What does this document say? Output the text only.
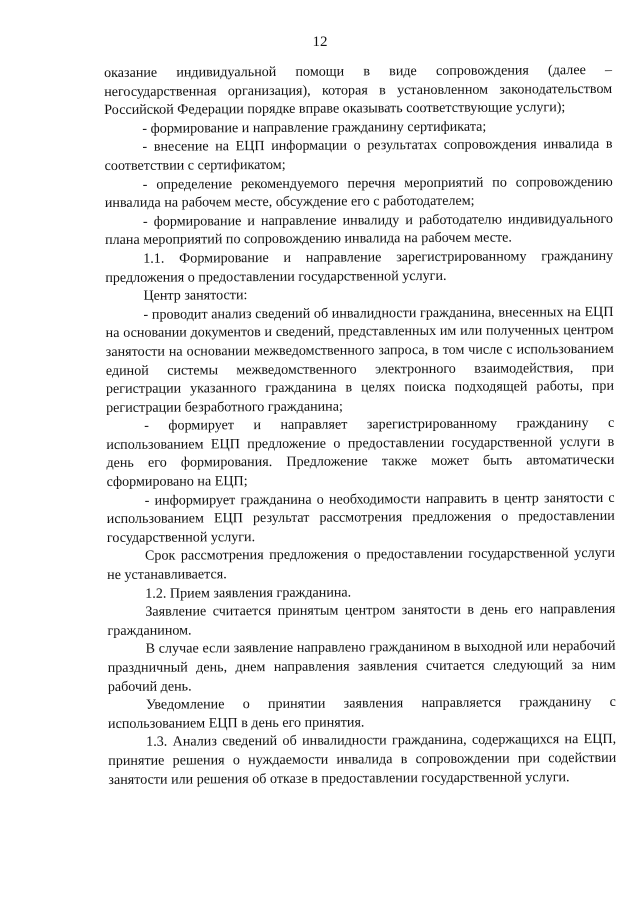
12

оказание индивидуальной помощи в виде сопровождения (далее – негосударственная организация), которая в установленном законодательством Российской Федерации порядке вправе оказывать соответствующие услуги);

- формирование и направление гражданину сертификата;

- внесение на ЕЦП информации о результатах сопровождения инвалида в соответствии с сертификатом;

- определение рекомендуемого перечня мероприятий по сопровождению инвалида на рабочем месте, обсуждение его с работодателем;

- формирование и направление инвалиду и работодателю индивидуального плана мероприятий по сопровождению инвалида на рабочем месте.

1.1. Формирование и направление зарегистрированному гражданину предложения о предоставлении государственной услуги.

Центр занятости:

- проводит анализ сведений об инвалидности гражданина, внесенных на ЕЦП на основании документов и сведений, представленных им или полученных центром занятости на основании межведомственного запроса, в том числе с использованием единой системы межведомственного электронного взаимодействия, при регистрации указанного гражданина в целях поиска подходящей работы, при регистрации безработного гражданина;

- формирует и направляет зарегистрированному гражданину с использованием ЕЦП предложение о предоставлении государственной услуги в день его формирования. Предложение также может быть автоматически сформировано на ЕЦП;

- информирует гражданина о необходимости направить в центр занятости с использованием ЕЦП результат рассмотрения предложения о предоставлении государственной услуги.

Срок рассмотрения предложения о предоставлении государственной услуги не устанавливается.

1.2. Прием заявления гражданина.

Заявление считается принятым центром занятости в день его направления гражданином.

В случае если заявление направлено гражданином в выходной или нерабочий праздничный день, днем направления заявления считается следующий за ним рабочий день.

Уведомление о принятии заявления направляется гражданину с использованием ЕЦП в день его принятия.

1.3. Анализ сведений об инвалидности гражданина, содержащихся на ЕЦП, принятие решения о нуждаемости инвалида в сопровождении при содействии занятости или решения об отказе в предоставлении государственной услуги.
